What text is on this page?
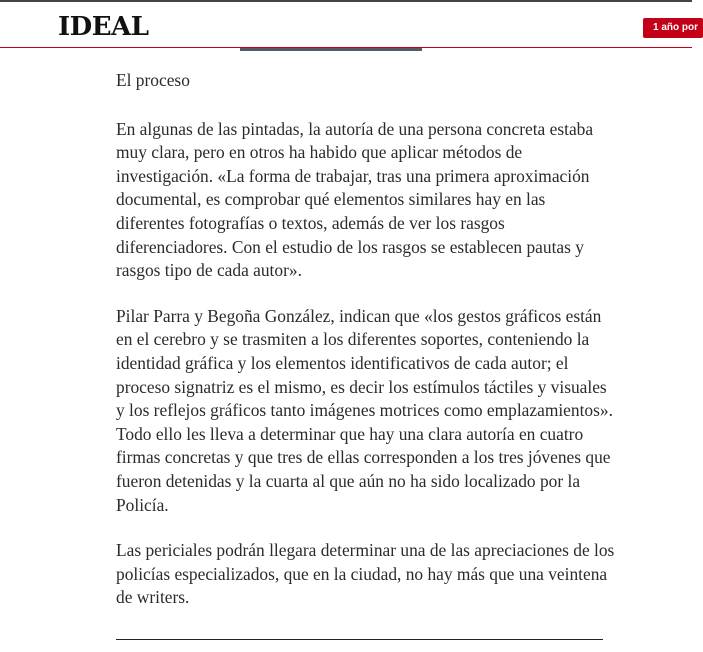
IDEAL	1 año por

El proceso

En algunas de las pintadas, la autoría de una persona concreta estaba muy clara, pero en otros ha habido que aplicar métodos de investigación. «La forma de trabajar, tras una primera aproximación documental, es comprobar qué elementos similares hay en las diferentes fotografías o textos, además de ver los rasgos diferenciadores. Con el estudio de los rasgos se establecen pautas y rasgos tipo de cada autor».

Pilar Parra y Begoña González, indican que «los gestos gráficos están en el cerebro y se trasmiten a los diferentes soportes, conteniendo la identidad gráfica y los elementos identificativos de cada autor; el proceso signatriz es el mismo, es decir los estímulos táctiles y visuales y los reflejos gráficos tanto imágenes motrices como emplazamientos». Todo ello les lleva a determinar que hay una clara autoría en cuatro firmas concretas y que tres de ellas corresponden a los tres jóvenes que fueron detenidas y la cuarta al que aún no ha sido localizado por la Policía.

Las periciales podrán llegara determinar una de las apreciaciones de los policías especializados, que en la ciudad, no hay más que una veintena de writers.
